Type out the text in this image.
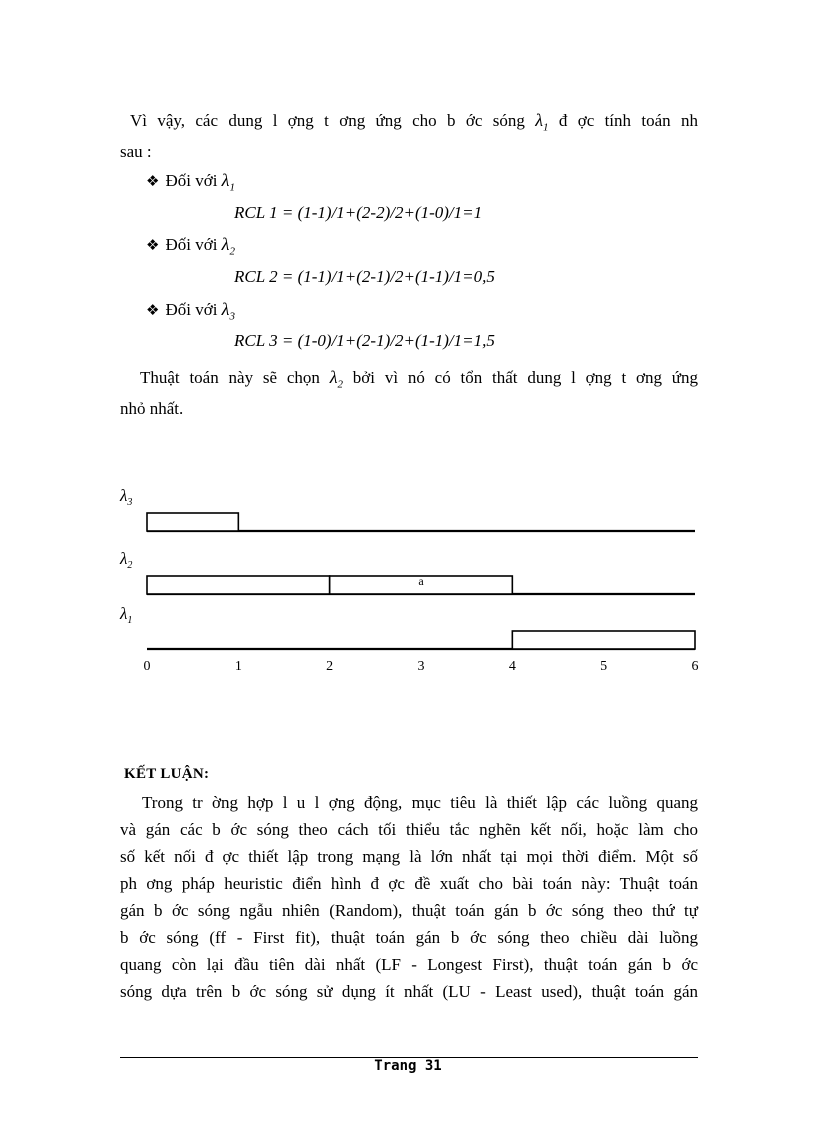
Vì vậy, các dung l ợng t ơng ứng cho b ớc sóng $\lambda_1$ đ ợc tính toán nh
sau :
❖ Đối với $\lambda_1$
RCL 1 = (1-1)/1+(2-2)/2+(1-0)/1=1
❖ Đối với $\lambda_2$
RCL 2 = (1-1)/1+(2-1)/2+(1-1)/1=0,5
❖ Đối với $\lambda_3$
RCL 3 = (1-0)/1+(2-1)/2+(1-1)/1=1,5
Thuật toán này sẽ chọn $\lambda_2$ bởi vì nó có tổn thất dung l ợng t ơng ứng
nhỏ nhất.
$\lambda_3$
$\lambda_2$
a
$\lambda_1$
0	1	2	3	4	5	6
KẾT LUẬN:
Trong tr ờng hợp l u l ợng động, mục tiêu là thiết lập các luồng quang
và gán các b ớc sóng theo cách tối thiểu tắc nghẽn kết nối, hoặc làm cho
số kết nối đ ợc thiết lập trong mạng là lớn nhất tại mọi thời điểm. Một số
ph ơng pháp heuristic điển hình đ ợc đề xuất cho bài toán này: Thuật toán
gán b ớc sóng ngẫu nhiên (Random), thuật toán gán b ớc sóng theo thứ tự
b ớc sóng (ff - First fit), thuật toán gán b ớc sóng theo chiều dài luồng
quang còn lại đầu tiên dài nhất (LF - Longest First), thuật toán gán b ớc
sóng dựa trên b ớc sóng sử dụng ít nhất (LU - Least used), thuật toán gán
Trang 31
